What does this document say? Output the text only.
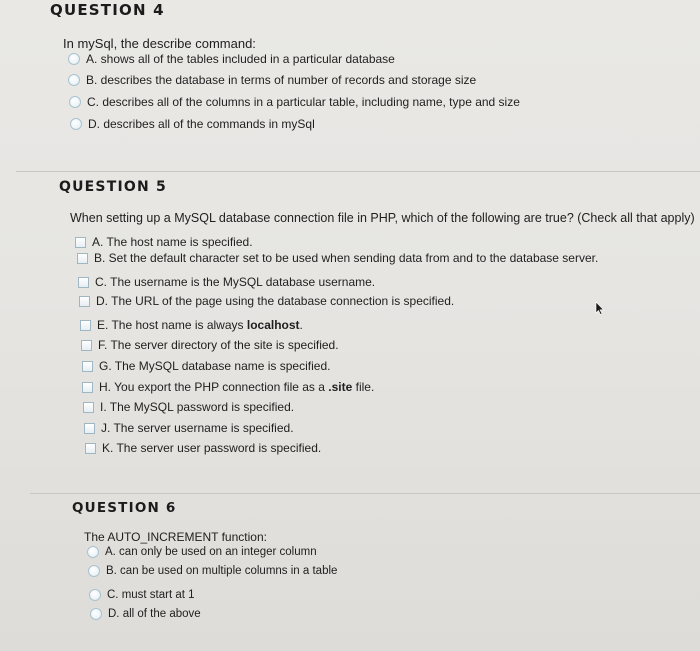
QUESTION 4
In mySql, the describe command:
A. shows all of the tables included in a particular database
B. describes the database in terms of number of records and storage size
C. describes all of the columns in a particular table, including name, type and size
D. describes all of the commands in mySql
QUESTION 5
When setting up a MySQL database connection file in PHP, which of the following are true? (Check all that apply)
A. The host name is specified.
B. Set the default character set to be used when sending data from and to the database server.
C. The username is the MySQL database username.
D. The URL of the page using the database connection is specified.
E. The host name is always localhost.
F. The server directory of the site is specified.
G. The MySQL database name is specified.
H. You export the PHP connection file as a .site file.
I. The MySQL password is specified.
J. The server username is specified.
K. The server user password is specified.
QUESTION 6
The AUTO_INCREMENT function:
A. can only be used on an integer column
B. can be used on multiple columns in a table
C. must start at 1
D. all of the above
